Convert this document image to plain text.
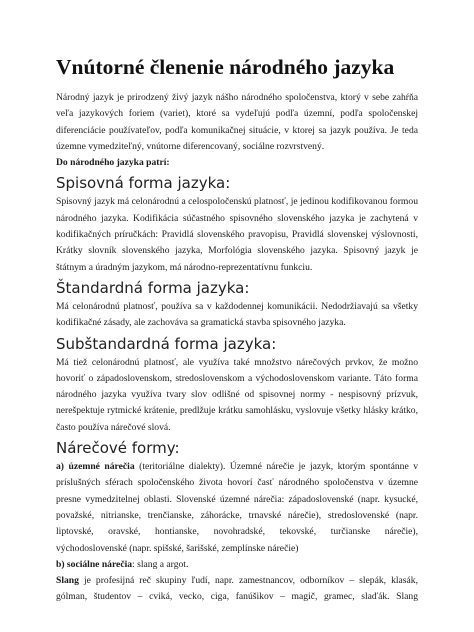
Vnútorné členenie národného jazyka

Národný jazyk je prirodzený živý jazyk nášho národného spoločenstva, ktorý v sebe zahŕňa veľa jazykových foriem (variet), ktoré sa vydeľujú podľa územní, podľa spoločenskej diferenciácie používateľov, podľa komunikačnej situácie, v ktorej sa jazyk používa. Je teda územne vymedziteľný, vnútorne diferencovaný, sociálne rozvrstvený.

Do národného jazyka patrí:

Spisovná forma jazyka:

Spisovný jazyk má celonárodnú a celospoločenskú platnosť, je jedinou kodifikovanou formou národného jazyka. Kodifikácia súčastného spisovného slovenského jazyka je zachytená v kodifikačných príručkách: Pravidlá slovenského pravopisu, Pravidlá slovenskej výslovnosti, Krátky slovník slovenského jazyka, Morfológia slovenského jazyka. Spisovný jazyk je štátnym a úradným jazykom, má národno-reprezentatívnu funkciu.

Štandardná forma jazyka:

Má celonárodnú platnosť, používa sa v každodennej komunikácii. Nedodržiavajú sa všetky kodifikačné zásady, ale zachováva sa gramatická stavba spisovného jazyka.

Subštandardná forma jazyka:

Má tiež celonárodnú platnosť, ale využíva také množstvo nárečových prvkov, že možno hovoriť o západoslovenskom, stredoslovenskom a východoslovenskom variante. Táto forma národného jazyka využíva tvary slov odlišné od spisovnej normy - nespisovný prízvuk, nerešpektuje rytmické krátenie, predlžuje krátku samohlásku, vyslovuje všetky hlásky krátko, často používa nárečové slová.

Nárečové formy:

a) územné nárečia (teritoriálne dialekty). Územné nárečie je jazyk, ktorým spontánne v príslušných sférach spoločenského života hovorí časť národného spoločenstva v územne presne vymedzitelnej oblasti. Slovenské územné nárečia: západoslovenské (napr. kysucké, považské, nitrianske, trenčianske, záhorácke, trnavské nárečie), stredoslovenské (napr. liptovské, oravské, hontianske, novohradské, tekovské, turčianske nárečie), východoslovenské (napr. spišské, šarišské, zemplínske nárečie)

b) sociálne nárečia: slang a argot.

Slang je profesijná reč skupiny ľudí, napr. zamestnancov, odborníkov – slepák, klasák, gólman, študentov – cviká, vecko, ciga, fanúšikov – magič, gramec, slaďák. Slang
